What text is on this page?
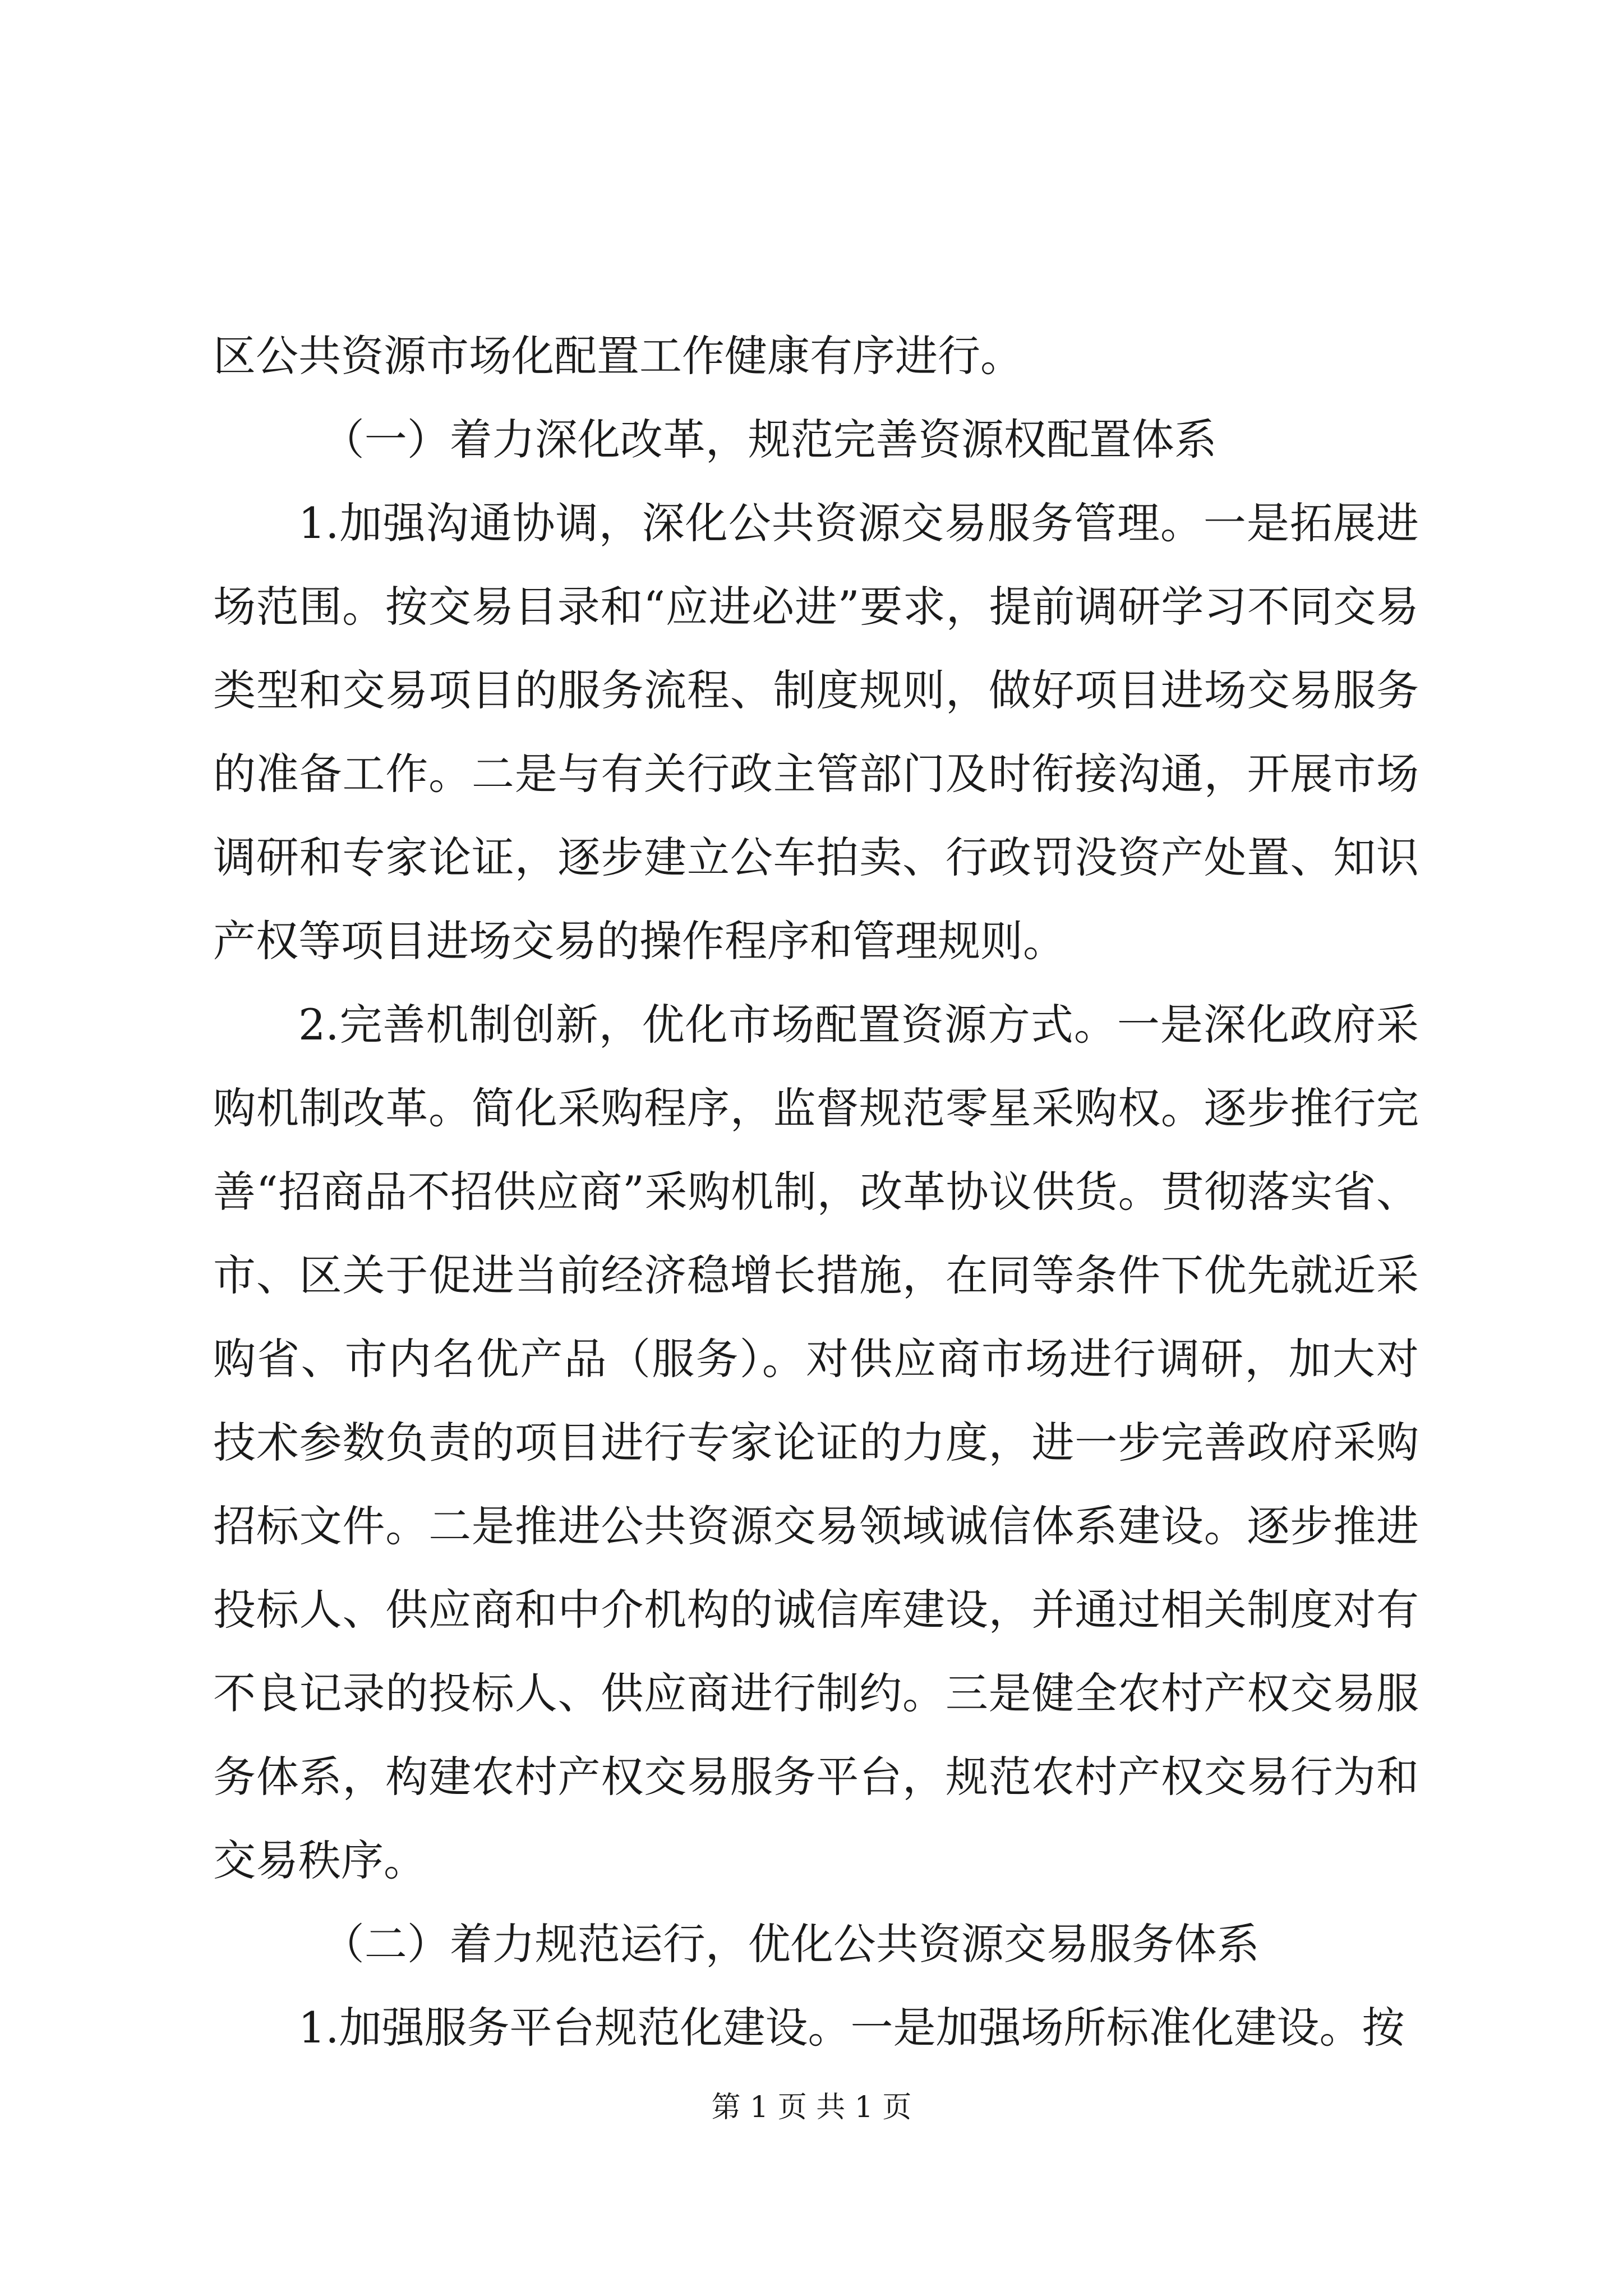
区公共资源市场化配置工作健康有序进行。

（一）着力深化改革，规范完善资源权配置体系

1.加强沟通协调，深化公共资源交易服务管理。一是拓展进场范围。按交易目录和“应进必进”要求，提前调研学习不同交易类型和交易项目的服务流程、制度规则，做好项目进场交易服务的准备工作。二是与有关行政主管部门及时衔接沟通，开展市场调研和专家论证，逐步建立公车拍卖、行政罚没资产处置、知识产权等项目进场交易的操作程序和管理规则。

2.完善机制创新，优化市场配置资源方式。一是深化政府采购机制改革。简化采购程序，监督规范零星采购权。逐步推行完善“招商品不招供应商”采购机制，改革协议供货。贯彻落实省、市、区关于促进当前经济稳增长措施，在同等条件下优先就近采购省、市内名优产品（服务）。对供应商市场进行调研，加大对技术参数负责的项目进行专家论证的力度，进一步完善政府采购招标文件。二是推进公共资源交易领域诚信体系建设。逐步推进投标人、供应商和中介机构的诚信库建设，并通过相关制度对有不良记录的投标人、供应商进行制约。三是健全农村产权交易服务体系，构建农村产权交易服务平台，规范农村产权交易行为和交易秩序。

（二）着力规范运行，优化公共资源交易服务体系

1.加强服务平台规范化建设。一是加强场所标准化建设。按

第 1 页 共 1 页
